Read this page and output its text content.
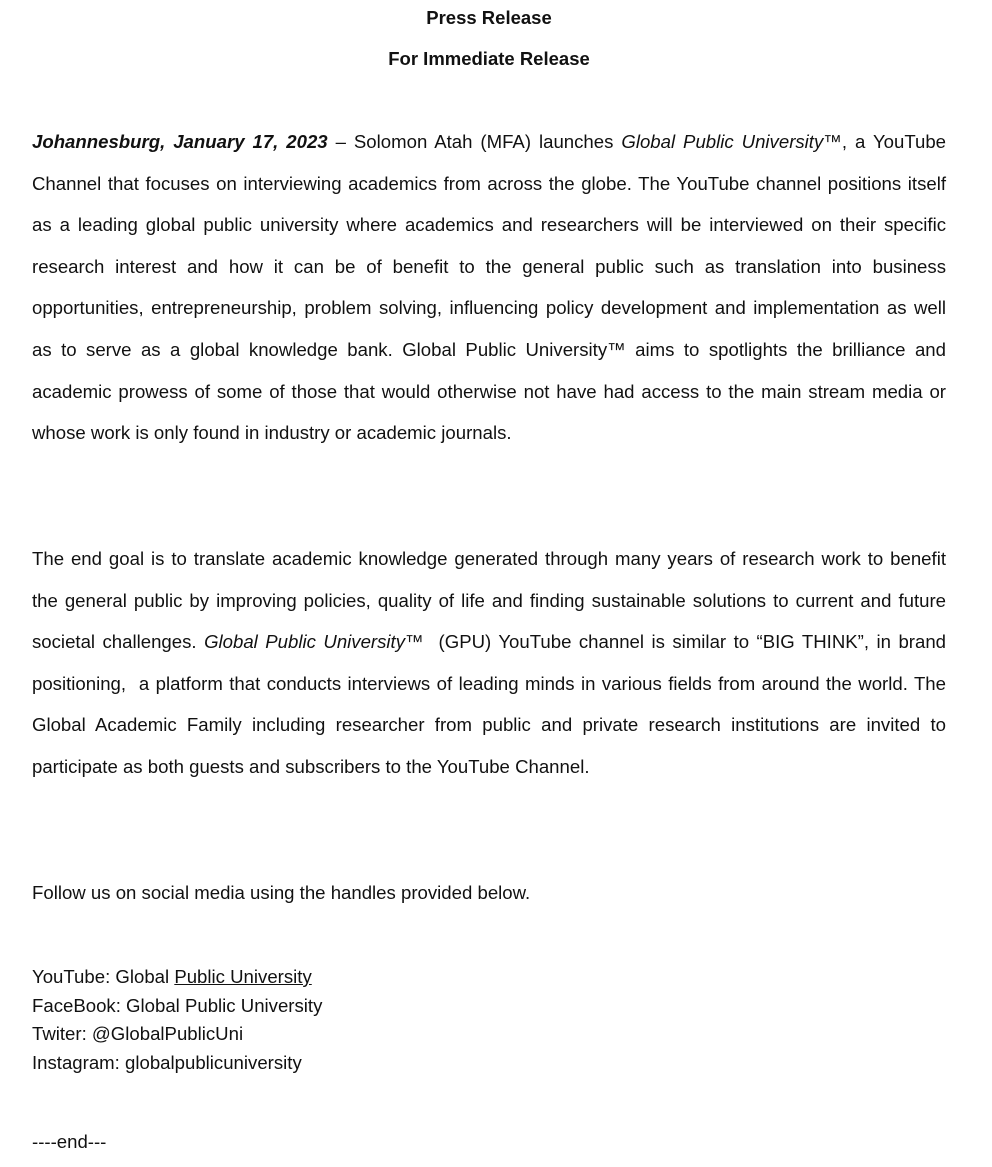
Press Release
For Immediate Release

Johannesburg, January 17, 2023 – Solomon Atah (MFA) launches Global Public University™, a YouTube Channel that focuses on interviewing academics from across the globe. The YouTube channel positions itself as a leading global public university where academics and researchers will be interviewed on their specific research interest and how it can be of benefit to the general public such as translation into business opportunities, entrepreneurship, problem solving, influencing policy development and implementation as well as to serve as a global knowledge bank. Global Public University™ aims to spotlights the brilliance and academic prowess of some of those that would otherwise not have had access to the main stream media or whose work is only found in industry or academic journals.

The end goal is to translate academic knowledge generated through many years of research work to benefit the general public by improving policies, quality of life and finding sustainable solutions to current and future societal challenges. Global Public University™  (GPU) YouTube channel is similar to “BIG THINK”, in brand positioning,  a platform that conducts interviews of leading minds in various fields from around the world. The Global Academic Family including researcher from public and private research institutions are invited to participate as both guests and subscribers to the YouTube Channel.

Follow us on social media using the handles provided below.

YouTube: Global Public University
FaceBook: Global Public University
Twiter: @GlobalPublicUni
Instagram: globalpublicuniversity
----end---
